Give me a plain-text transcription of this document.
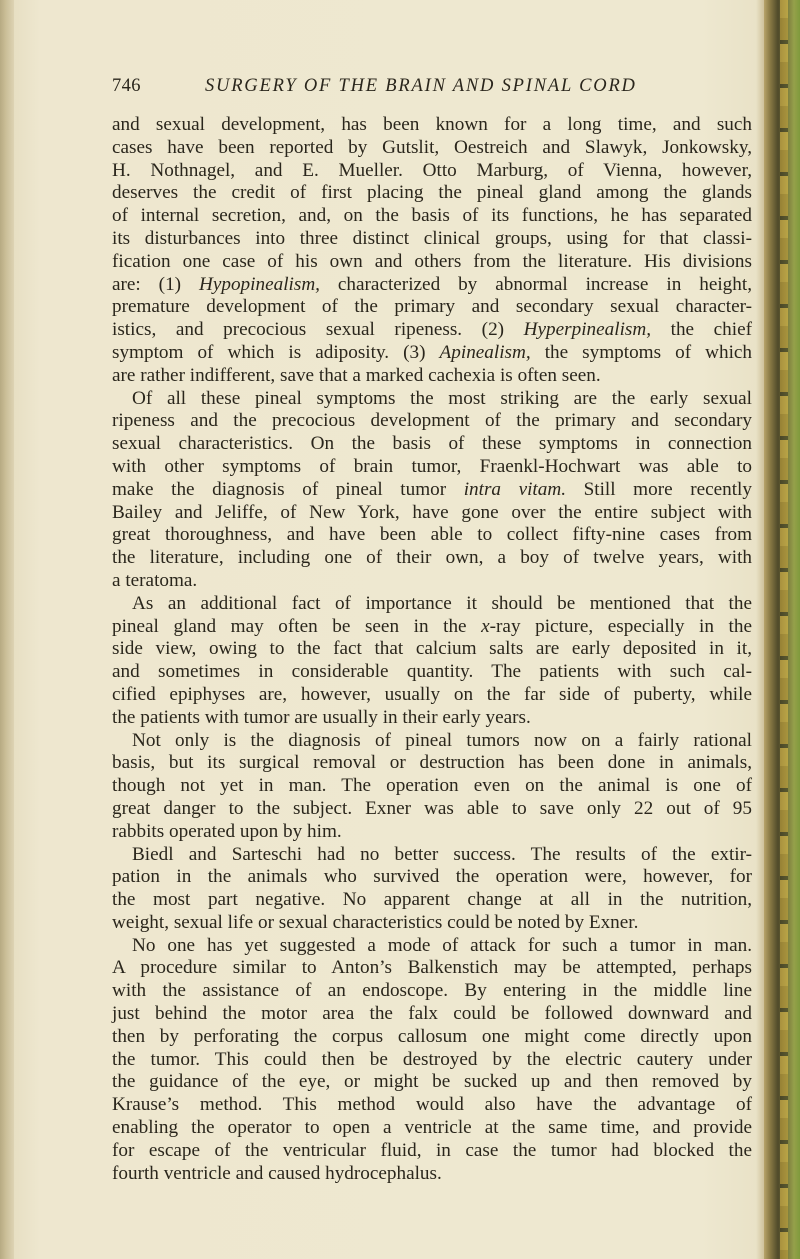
746	SURGERY OF THE BRAIN AND SPINAL CORD
and sexual development, has been known for a long time, and such
cases have been reported by Gutslit, Oestreich and Slawyk, Jonkowsky,
H. Nothnagel, and E. Mueller. Otto Marburg, of Vienna, however,
deserves the credit of first placing the pineal gland among the glands
of internal secretion, and, on the basis of its functions, he has separated
its disturbances into three distinct clinical groups, using for that classi-
fication one case of his own and others from the literature. His divisions
are: (1) Hypopinealism, characterized by abnormal increase in height,
premature development of the primary and secondary sexual character-
istics, and precocious sexual ripeness. (2) Hyperpinealism, the chief
symptom of which is adiposity. (3) Apinealism, the symptoms of which
are rather indifferent, save that a marked cachexia is often seen.
Of all these pineal symptoms the most striking are the early sexual
ripeness and the precocious development of the primary and secondary
sexual characteristics. On the basis of these symptoms in connection
with other symptoms of brain tumor, Fraenkl-Hochwart was able to
make the diagnosis of pineal tumor intra vitam. Still more recently
Bailey and Jeliffe, of New York, have gone over the entire subject with
great thoroughness, and have been able to collect fifty-nine cases from
the literature, including one of their own, a boy of twelve years, with
a teratoma.
As an additional fact of importance it should be mentioned that the
pineal gland may often be seen in the x-ray picture, especially in the
side view, owing to the fact that calcium salts are early deposited in it,
and sometimes in considerable quantity. The patients with such cal-
cified epiphyses are, however, usually on the far side of puberty, while
the patients with tumor are usually in their early years.
Not only is the diagnosis of pineal tumors now on a fairly rational
basis, but its surgical removal or destruction has been done in animals,
though not yet in man. The operation even on the animal is one of
great danger to the subject. Exner was able to save only 22 out of 95
rabbits operated upon by him.
Biedl and Sarteschi had no better success. The results of the extir-
pation in the animals who survived the operation were, however, for
the most part negative. No apparent change at all in the nutrition,
weight, sexual life or sexual characteristics could be noted by Exner.
No one has yet suggested a mode of attack for such a tumor in man.
A procedure similar to Anton’s Balkenstich may be attempted, perhaps
with the assistance of an endoscope. By entering in the middle line
just behind the motor area the falx could be followed downward and
then by perforating the corpus callosum one might come directly upon
the tumor. This could then be destroyed by the electric cautery under
the guidance of the eye, or might be sucked up and then removed by
Krause’s method. This method would also have the advantage of
enabling the operator to open a ventricle at the same time, and provide
for escape of the ventricular fluid, in case the tumor had blocked the
fourth ventricle and caused hydrocephalus.
